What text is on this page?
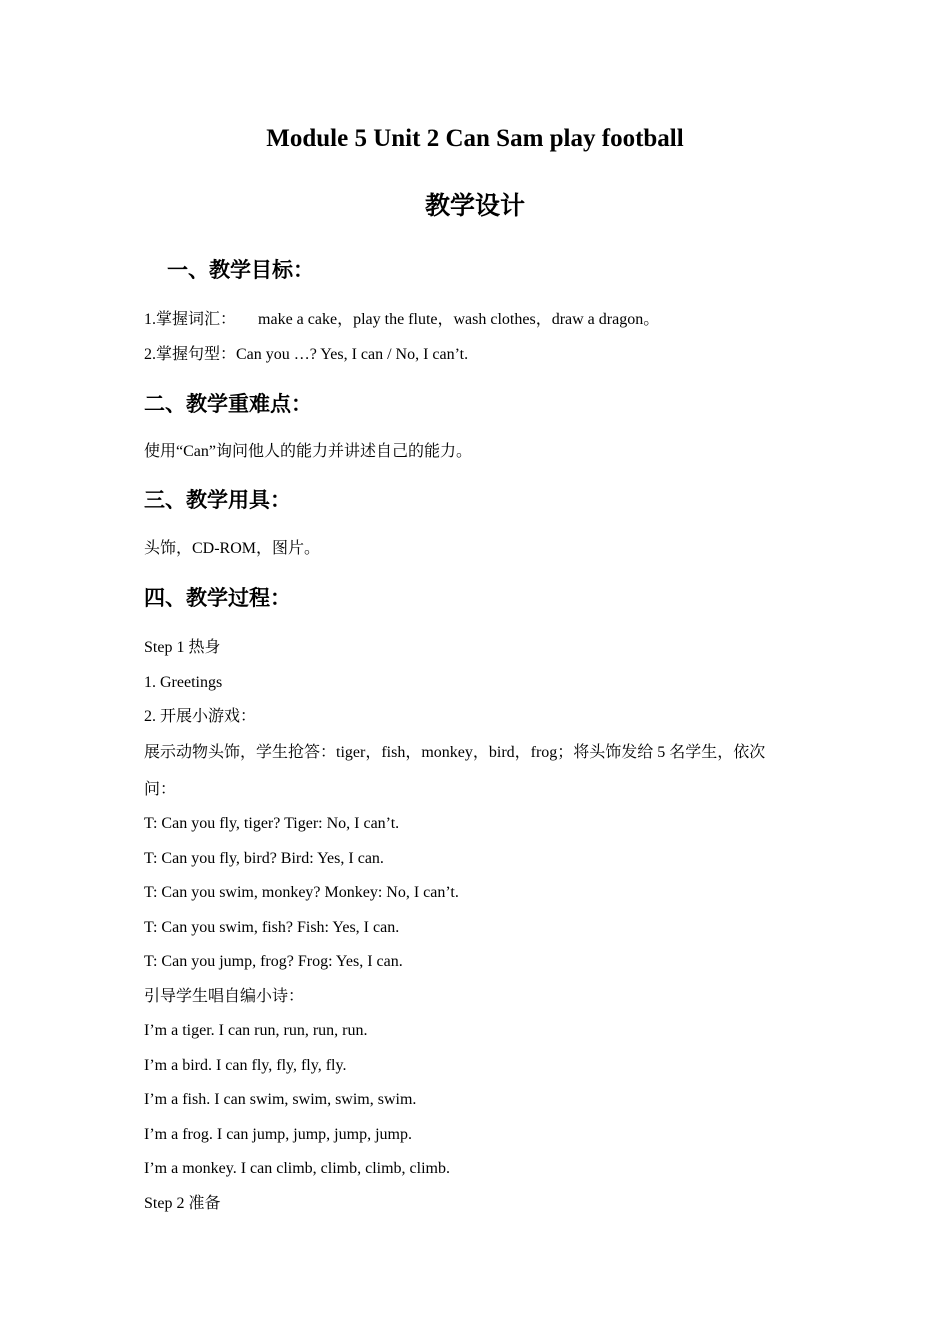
Module 5 Unit 2 Can Sam play football
教学设计
一、教学目标：

1.掌握词汇： make a cake，play the flute，wash clothes，draw a dragon。

2.掌握句型：Can you …? Yes, I can / No, I can’t.

二、教学重难点：

使用“Can”询问他人的能力并讲述自己的能力。

三、教学用具：

头饰，CD-ROM，图片。

四、教学过程：

Step 1 热身

1. Greetings

2. 开展小游戏：

展示动物头饰，学生抢答：tiger，fish，monkey，bird，frog；将头饰发给 5 名学生，依次

问：

T: Can you fly, tiger? Tiger: No, I can’t.

T: Can you fly, bird? Bird: Yes, I can.

T: Can you swim, monkey? Monkey: No, I can’t.

T: Can you swim, fish? Fish: Yes, I can.

T: Can you jump, frog? Frog: Yes, I can.

引导学生唱自编小诗：

I’m a tiger. I can run, run, run, run.

I’m a bird. I can fly, fly, fly, fly.

I’m a fish. I can swim, swim, swim, swim.

I’m a frog. I can jump, jump, jump, jump.

I’m a monkey. I can climb, climb, climb, climb.

Step 2 准备
